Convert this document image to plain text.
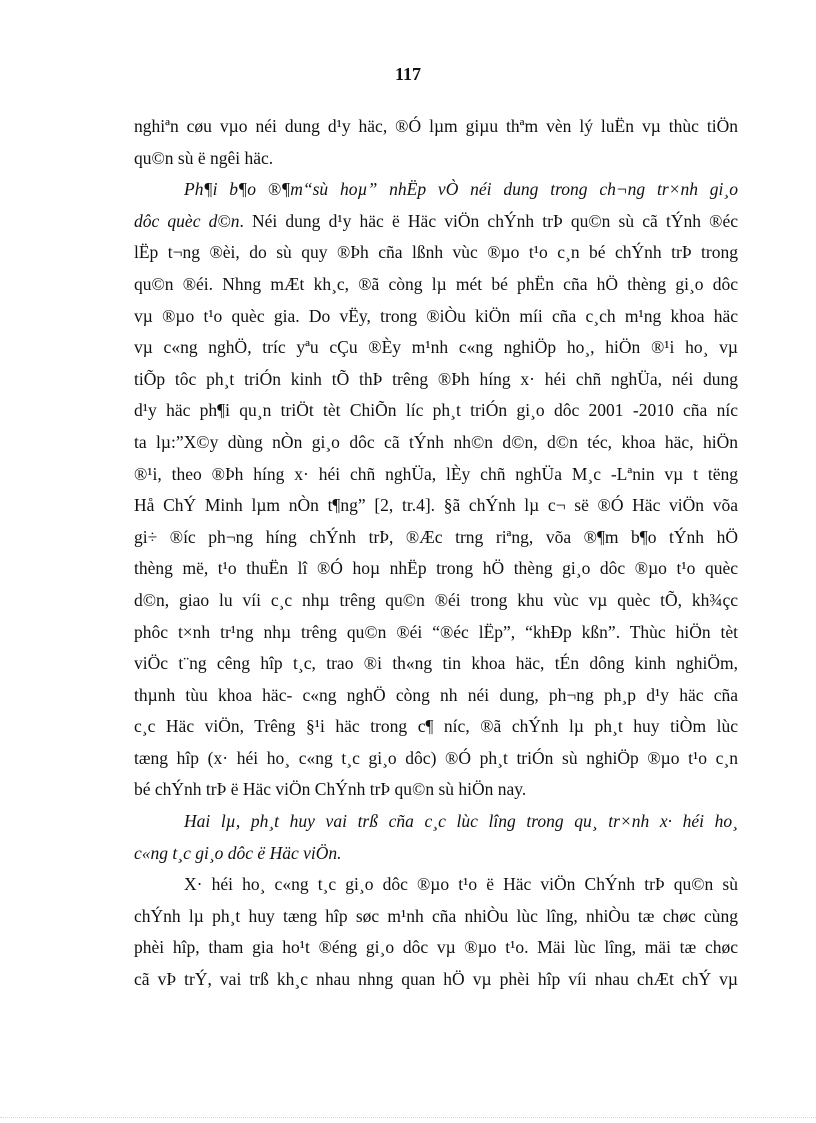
117
nghiªn cøu vµo néi dung d¹y häc, ®Ó lµm giµu thªm vèn lý luËn vµ thùc tiÖn
qu©n sù ë ngêi häc.
Ph¶i b¶o ®¶m“sù hoµ” nhËp vÒ néi dung trong ch¬ng tr×nh gi¸o
dôc quèc d©n. Néi dung d¹y häc ë Häc viÖn chÝnh trÞ qu©n sù cã tÝnh ®éc
lËp t¬ng ®èi, do sù quy ®Þh cña lßnh vùc ®µo t¹o c¸n bé chÝnh trÞ trong
qu©n ®éi. Nhng mÆt kh¸c, ®ã còng lµ mét bé phËn cña hÖ thèng gi¸o dôc
vµ ®µo t¹o quèc gia. Do vËy, trong ®iÒu kiÖn míi cña c¸ch m¹ng khoa häc
vµ c«ng nghÖ, tríc yªu cÇu ®Èy m¹nh c«ng nghiÖp ho¸, hiÖn ®¹i ho¸ vµ
tiÕp tôc ph¸t triÓn kinh tÕ thÞ trêng ®Þh híng x· héi chñ nghÜa, néi dung
d¹y häc ph¶i qu¸n triÖt tèt ChiÕn líc ph¸t triÓn gi¸o dôc 2001 -2010 cña níc
ta lµ:”X©y dùng nÒn gi¸o dôc cã tÝnh nh©n d©n, d©n téc, khoa häc, hiÖn
®¹i, theo ®Þh híng x· héi chñ nghÜa, lÈy chñ nghÜa M¸c -Lªnin vµ t tëng
Hå ChÝ Minh lµm nÒn t¶ng” [2, tr.4]. §ã chÝnh lµ c¬ së ®Ó Häc viÖn võa
gi÷ ®íc ph¬ng híng chÝnh trÞ, ®Æc trng riªng, võa ®¶m b¶o tÝnh hÖ
thèng më, t¹o thuËn lî ®Ó hoµ nhËp trong hÖ thèng gi¸o dôc ®µo t¹o quèc
d©n, giao lu víi c¸c nhµ trêng qu©n ®éi trong khu vùc vµ quèc tÕ, kh¾çc
phôc t×nh tr¹ng nhµ trêng qu©n ®éi “®éc lËp”, “khÐp kßn”. Thùc hiÖn tèt
viÖc t¨ng cêng hîp t¸c, trao ®i th«ng tin khoa häc, tÉn dông kinh nghiÖm,
thµnh tùu khoa häc- c«ng nghÖ còng nh néi dung, ph¬ng ph¸p d¹y häc cña
c¸c Häc viÖn, Trêng §¹i häc trong c¶ níc, ®ã chÝnh lµ ph¸t huy tiÒm lùc
tæng hîp (x· héi ho¸ c«ng t¸c gi¸o dôc) ®Ó ph¸t triÓn sù nghiÖp ®µo t¹o c¸n
bé chÝnh trÞ ë Häc viÖn ChÝnh trÞ qu©n sù hiÖn nay.
Hai lµ, ph¸t huy vai trß cña c¸c lùc lîng trong qu¸ tr×nh x· héi ho¸
c«ng t¸c gi¸o dôc ë Häc viÖn.
X· héi ho¸ c«ng t¸c gi¸o dôc ®µo t¹o ë Häc viÖn ChÝnh trÞ qu©n sù
chÝnh lµ ph¸t huy tæng hîp søc m¹nh cña nhiÒu lùc lîng, nhiÒu tæ chøc cùng
phèi hîp, tham gia ho¹t ®éng gi¸o dôc vµ ®µo t¹o. Mäi lùc lîng, mäi tæ chøc
cã vÞ trÝ, vai trß kh¸c nhau nhng quan hÖ vµ phèi hîp víi nhau chÆt chÝ vµ
